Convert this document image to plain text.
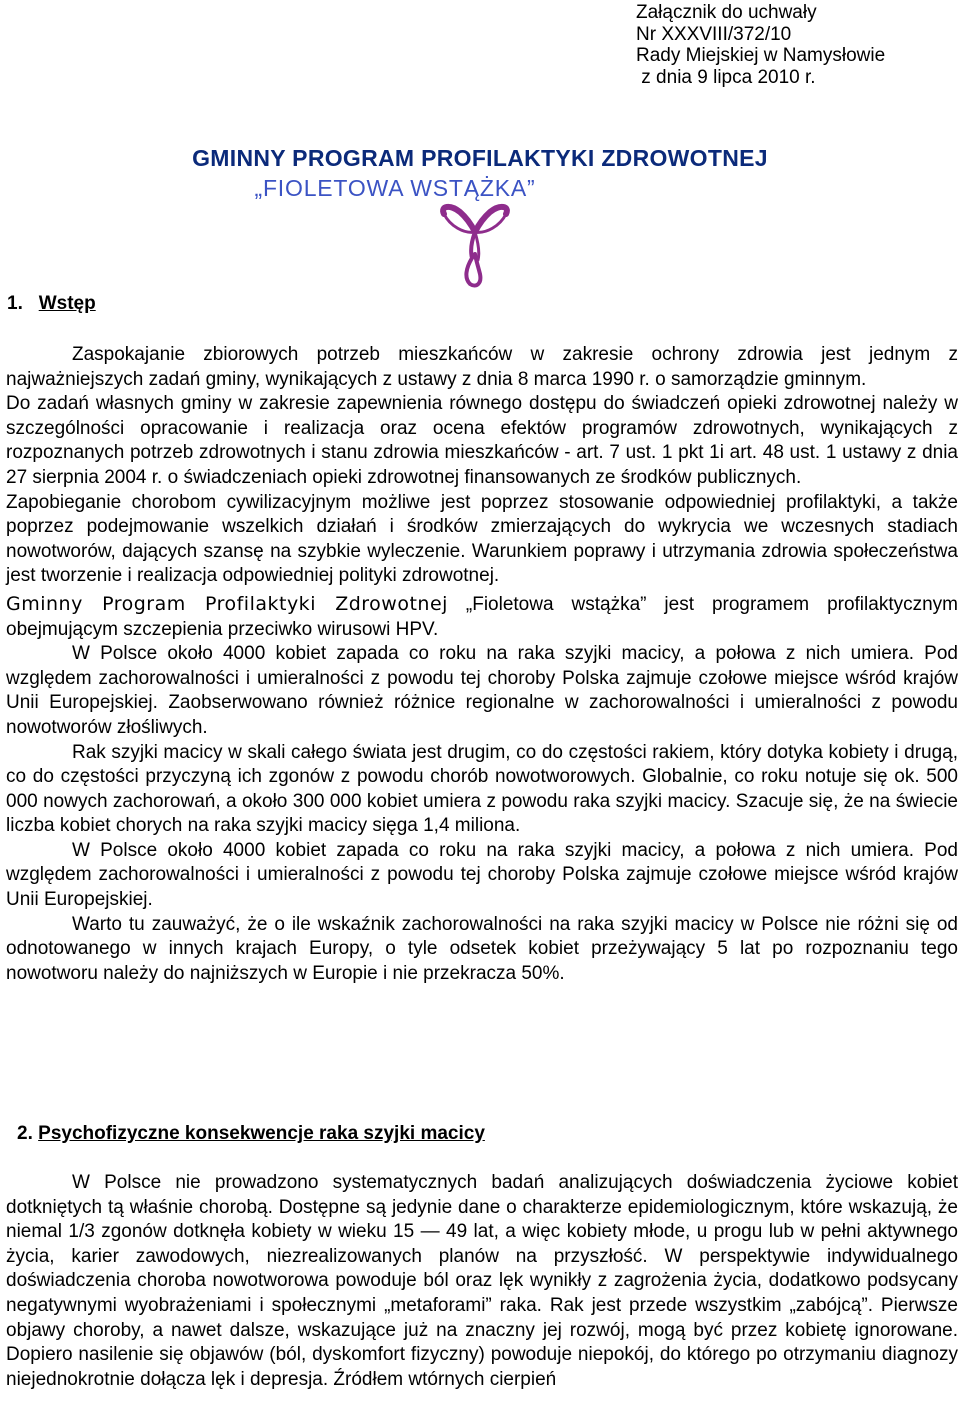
Załącznik do uchwały
Nr XXXVIII/372/10
Rady Miejskiej w Namysłowie
z dnia 9 lipca 2010 r.
GMINNY PROGRAM PROFILAKTYKI ZDROWOTNEJ
„FIOLETOWA WSTĄŻKA”
1. Wstęp

Zaspokajanie zbiorowych potrzeb mieszkańców w zakresie ochrony zdrowia jest jednym z najważniejszych zadań gminy, wynikających z ustawy z dnia 8 marca 1990 r. o samorządzie gminnym.

Do zadań własnych gminy w zakresie zapewnienia równego dostępu do świadczeń opieki zdrowotnej należy w szczególności opracowanie i realizacja oraz ocena efektów programów zdrowotnych, wynikających z rozpoznanych potrzeb zdrowotnych i stanu zdrowia mieszkańców - art. 7 ust. 1 pkt 1i art. 48 ust. 1 ustawy z dnia 27 sierpnia 2004 r. o świadczeniach opieki zdrowotnej finansowanych ze środków publicznych.

Zapobieganie chorobom cywilizacyjnym możliwe jest poprzez stosowanie odpowiedniej profilaktyki, a także poprzez podejmowanie wszelkich działań i środków zmierzających do wykrycia we wczesnych stadiach nowotworów, dających szansę na szybkie wyleczenie. Warunkiem poprawy i utrzymania zdrowia społeczeństwa jest tworzenie i realizacja odpowiedniej polityki zdrowotnej.

Gminny Program Profilaktyki Zdrowotnej „Fioletowa wstążka” jest programem profilaktycznym obejmującym szczepienia przeciwko wirusowi HPV.

W Polsce około 4000 kobiet zapada co roku na raka szyjki macicy, a połowa z nich umiera. Pod względem zachorowalności i umieralności z powodu tej choroby Polska zajmuje czołowe miejsce wśród krajów Unii Europejskiej. Zaobserwowano również różnice regionalne w zachorowalności i umieralności z powodu nowotworów złośliwych.

Rak szyjki macicy w skali całego świata jest drugim, co do częstości rakiem, który dotyka kobiety i drugą, co do częstości przyczyną ich zgonów z powodu chorób nowotworowych. Globalnie, co roku notuje się ok. 500 000 nowych zachorowań, a około 300 000 kobiet umiera z powodu raka szyjki macicy. Szacuje się, że na świecie liczba kobiet chorych na raka szyjki macicy sięga 1,4 miliona.

W Polsce około 4000 kobiet zapada co roku na raka szyjki macicy, a połowa z nich umiera. Pod względem zachorowalności i umieralności z powodu tej choroby Polska zajmuje czołowe miejsce wśród krajów Unii Europejskiej.

Warto tu zauważyć, że o ile wskaźnik zachorowalności na raka szyjki macicy w Polsce nie różni się od odnotowanego w innych krajach Europy, o tyle odsetek kobiet przeżywający 5 lat po rozpoznaniu tego nowotworu należy do najniższych w Europie i nie przekracza 50%.

2. Psychofizyczne konsekwencje raka szyjki macicy

W Polsce nie prowadzono systematycznych badań analizujących doświadczenia życiowe kobiet dotkniętych tą właśnie chorobą. Dostępne są jedynie dane o charakterze epidemiologicznym, które wskazują, że niemal 1/3 zgonów dotknęła kobiety w wieku 15 — 49 lat, a więc kobiety młode, u progu lub w pełni aktywnego życia, karier zawodowych, niezrealizowanych planów na przyszłość. W perspektywie indywidualnego doświadczenia choroba nowotworowa powoduje ból oraz lęk wynikły z zagrożenia życia, dodatkowo podsycany negatywnymi wyobrażeniami i społecznymi „metaforami” raka. Rak jest przede wszystkim „zabójcą”. Pierwsze objawy choroby, a nawet dalsze, wskazujące już na znaczny jej rozwój, mogą być przez kobietę ignorowane. Dopiero nasilenie się objawów (ból, dyskomfort fizyczny) powoduje niepokój, do którego po otrzymaniu diagnozy niejednokrotnie dołącza lęk i depresja. Źródłem wtórnych cierpień
